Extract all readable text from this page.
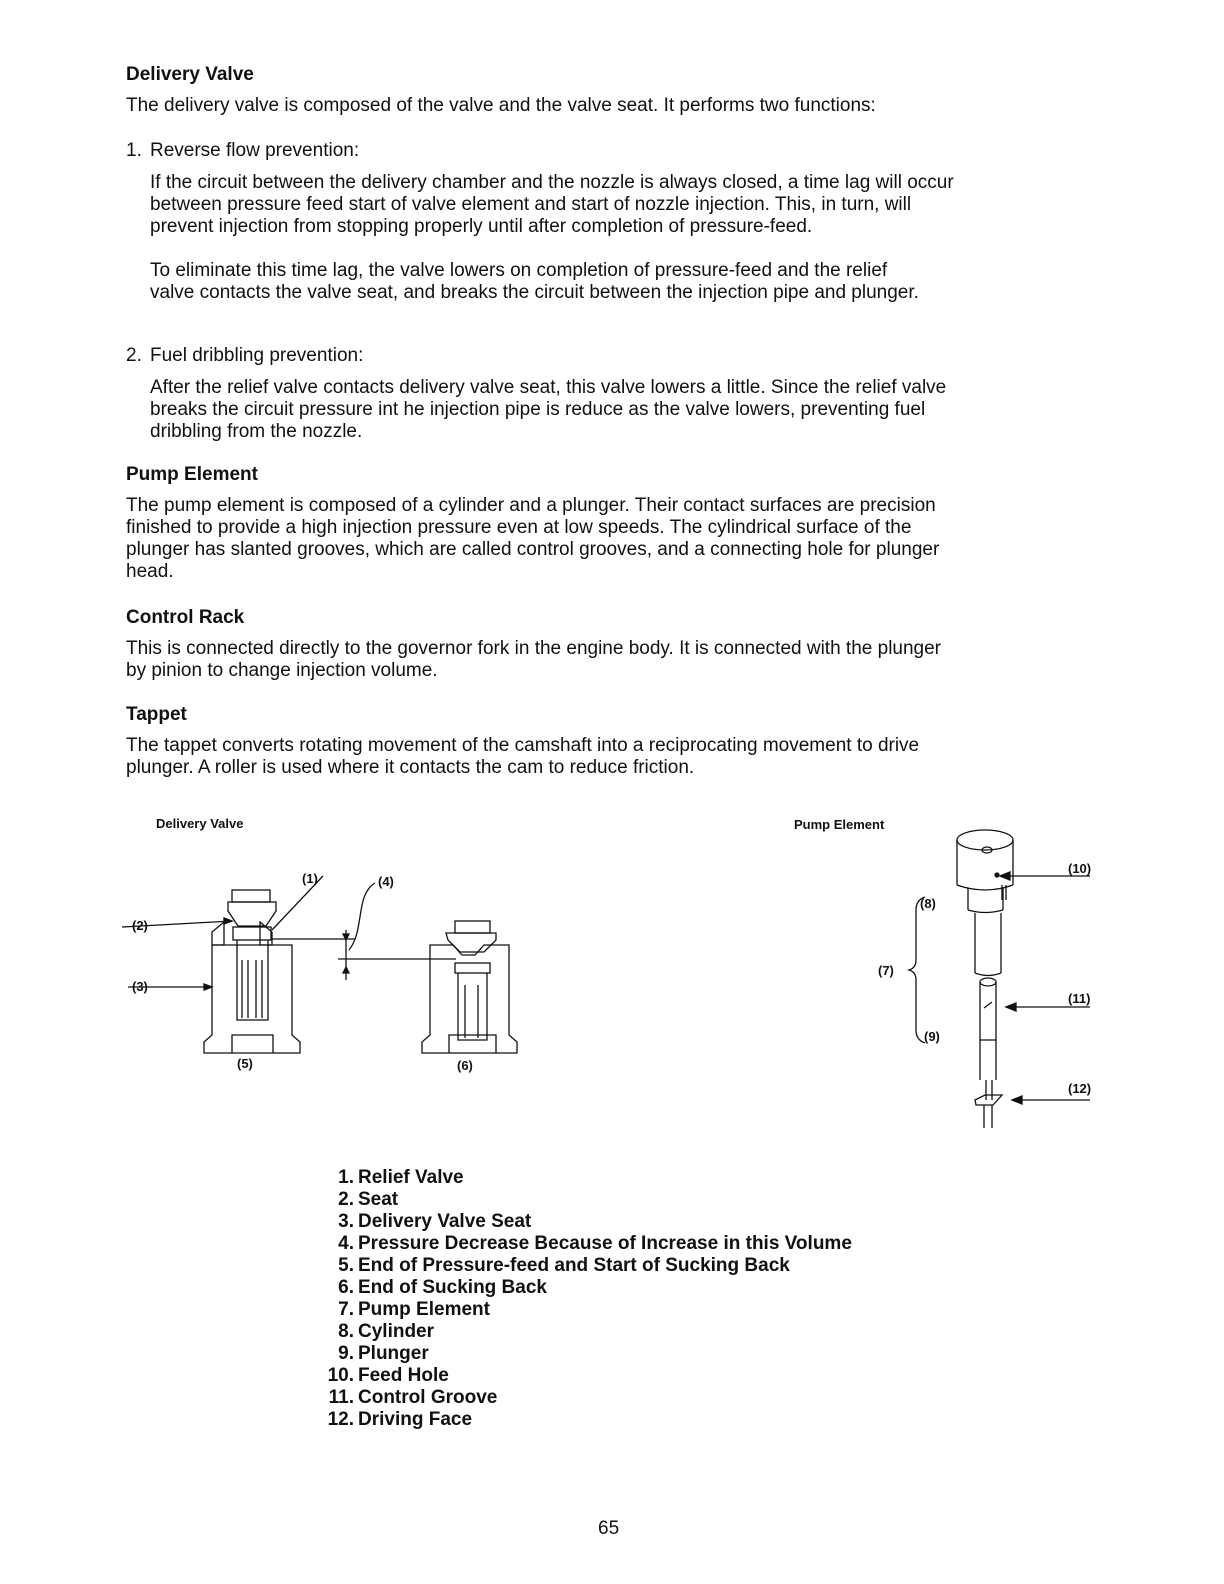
Delivery Valve

The delivery valve is composed of the valve and the valve seat. It performs two functions:

1. Reverse flow prevention:

If the circuit between the delivery chamber and the nozzle is always closed, a time lag will occur between pressure feed start of valve element and start of nozzle injection. This, in turn, will prevent injection from stopping properly until after completion of pressure-feed.

To eliminate this time lag, the valve lowers on completion of pressure-feed and the relief valve contacts the valve seat, and breaks the circuit between the injection pipe and plunger.

2. Fuel dribbling prevention:

After the relief valve contacts delivery valve seat, this valve lowers a little. Since the relief valve breaks the circuit pressure int he injection pipe is reduce as the valve lowers, preventing fuel dribbling from the nozzle.

Pump Element

The pump element is composed of a cylinder and a plunger. Their contact surfaces are precision finished to provide a high injection pressure even at low speeds. The cylindrical surface of the plunger has slanted grooves, which are called control grooves, and a connecting hole for plunger head.

Control Rack

This is connected directly to the governor fork in the engine body. It is connected with the plunger by pinion to change injection volume.

Tappet

The tappet converts rotating movement of the camshaft into a reciprocating movement to drive plunger. A roller is used where it contacts the cam to reduce friction.

Delivery Valve
(1)
(2)
(3)
(4)
(5)	(6)
Pump Element
(10)
(11)
(12)
(8)
(7)
(9)
1. Relief Valve
2. Seat
3. Delivery Valve Seat
4. Pressure Decrease Because of Increase in this Volume
5. End of Pressure-feed and Start of Sucking Back
6. End of Sucking Back
7. Pump Element
8. Cylinder
9. Plunger
10. Feed Hole
11. Control Groove
12. Driving Face
65
